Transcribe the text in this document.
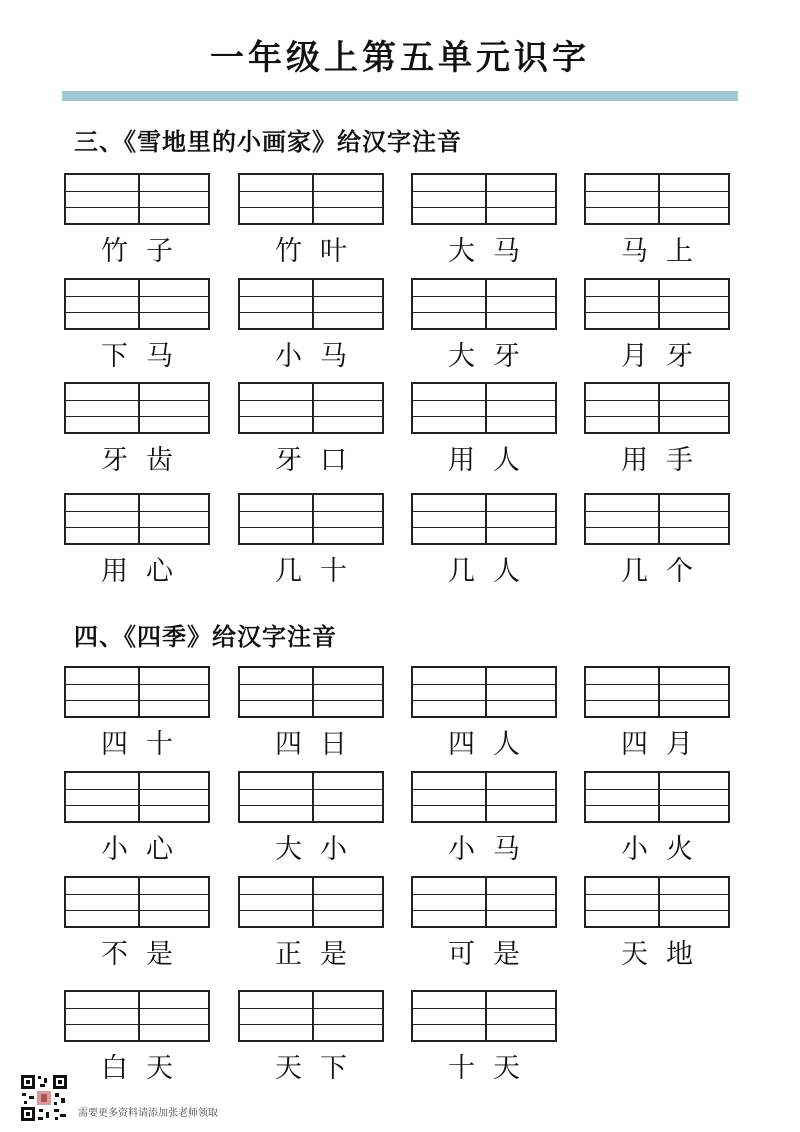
一年级上第五单元识字
三、《雪地里的小画家》给汉字注音
竹子	竹叶	大马	马上
下马	小马	大牙	月牙
牙齿	牙口	用人	用手
用心	几十	几人	几个
四、《四季》给汉字注音
四十	四日	四人	四月
小心	大小	小马	小火
不是	正是	可是	天地
白天	天下	十天
需要更多资料请添加张老师领取
